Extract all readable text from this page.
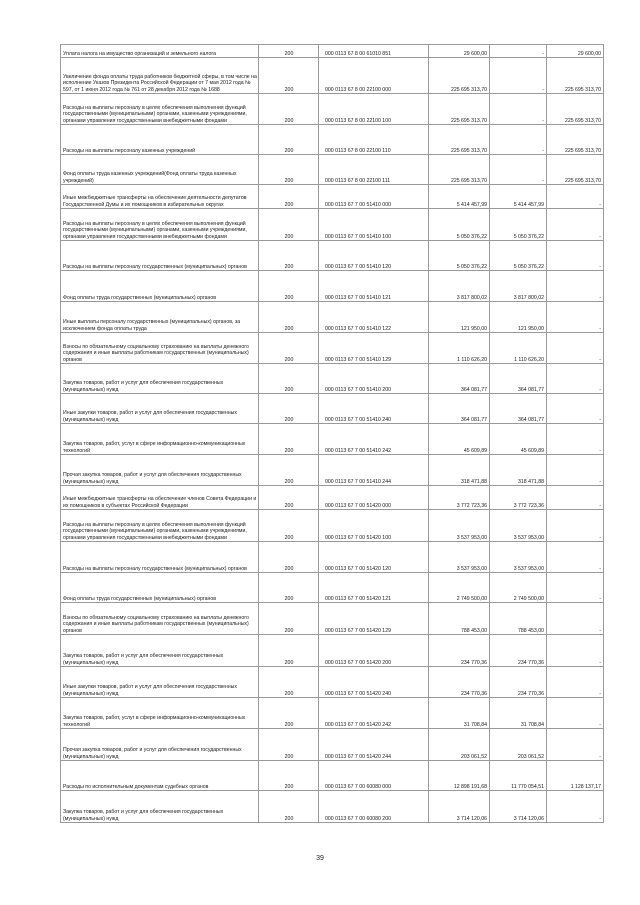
Уплата налога на имущество организаций и земельного налога	200	000 0113 67 8 00 61010 851	29 600,00	-	29 600,00
Увеличение фонда оплаты труда работников бюджетной сферы, в том числе на исполнение Указов Президента Российской Федерации от 7 мая 2012 года № 597, от 1 июня 2012 года № 761 от 28 декабря 2012 года № 1688	200	000 0113 67 8 00 22100 000	225 695 313,70	-	225 695 313,70
Расходы на выплаты персоналу в целях обеспечения выполнения функций государственными (муниципальными) органами, казенными учреждениями, органами управления государственными внебюджетными фондами	200	000 0113 67 8 00 22100 100	225 695 313,70	-	225 695 313,70
Расходы на выплаты персоналу казенных учреждений	200	000 0113 67 8 00 22100 110	225 695 313,70	-	225 695 313,70
Фонд оплаты труда казенных учреждений(Фонд оплаты труда казенных учреждений)	200	000 0113 67 8 00 22100 111	225 695 313,70	-	225 695 313,70
Иные межбюджетные трансферты на обеспечение деятельности депутатов Государственной Думы и их помощников в избирательных округах	200	000 0113 67 7 00 51410 000	5 414 457,99	5 414 457,99	-
Расходы на выплаты персоналу в целях обеспечения выполнения функций государственными (муниципальными) органами, казенными учреждениями, органами управления государственными внебюджетными фондами	200	000 0113 67 7 00 51410 100	5 050 376,22	5 050 376,22	-
Расходы на выплаты персоналу государственных (муниципальных) органов	200	000 0113 67 7 00 51410 120	5 050 376,22	5 050 376,22	-
Фонд оплаты труда государственных (муниципальных) органов	200	000 0113 67 7 00 51410 121	3 817 800,02	3 817 800,02	-
Иные выплаты персоналу государственных (муниципальных) органов, за исключением фонда оплаты труда	200	000 0113 67 7 00 51410 122	121 950,00	121 950,00	-
Взносы по обязательному социальному страхованию на выплаты денежного содержания и иные выплаты работникам государственных (муниципальных) органов	200	000 0113 67 7 00 51410 129	1 110 626,20	1 110 626,20	-
Закупка товаров, работ и услуг для обеспечения государственных (муниципальных) нужд	200	000 0113 67 7 00 51410 200	364 081,77	364 081,77	-
Иные закупки товаров, работ и услуг для обеспечения государственных (муниципальных) нужд	200	000 0113 67 7 00 51410 240	364 081,77	364 081,77	-
Закупка товаров, работ, услуг в сфере информационно-коммуникационных технологий	200	000 0113 67 7 00 51410 242	45 609,89	45 609,89	-
Прочая закупка товаров, работ и услуг для обеспечения государственных (муниципальных) нужд	200	000 0113 67 7 00 51410 244	318 471,88	318 471,88	-
Иные межбюджетные трансферты на обеспечение членов Совета Федерации и их помощников в субъектах Российской Федерации	200	000 0113 67 7 00 51420 000	3 772 723,36	3 772 723,36	-
Расходы на выплаты персоналу в целях обеспечения выполнения функций государственными (муниципальными) органами, казенными учреждениями, органами управления государственными внебюджетными фондами	200	000 0113 67 7 00 51420 100	3 537 953,00	3 537 953,00	-
Расходы на выплаты персоналу государственных (муниципальных) органов	200	000 0113 67 7 00 51420 120	3 537 953,00	3 537 953,00	-
Фонд оплаты труда государственных (муниципальных) органов	200	000 0113 67 7 00 51420 121	2 749 500,00	2 749 500,00	-
Взносы по обязательному социальному страхованию на выплаты денежного содержания и иные выплаты работникам государственных (муниципальных) органов	200	000 0113 67 7 00 51420 129	788 453,00	788 453,00	-
Закупка товаров, работ и услуг для обеспечения государственных (муниципальных) нужд	200	000 0113 67 7 00 51420 200	234 770,36	234 770,36	-
Иные закупки товаров, работ и услуг для обеспечения государственных (муниципальных) нужд	200	000 0113 67 7 00 51420 240	234 770,36	234 770,36	-
Закупка товаров, работ, услуг в сфере информационно-коммуникационных технологий	200	000 0113 67 7 00 51420 242	31 708,84	31 708,84	-
Прочая закупка товаров, работ и услуг для обеспечения государственных (муниципальных) нужд	200	000 0113 67 7 00 51420 244	203 061,52	203 061,52	-
Расходы по исполнительным документам судебных органов	200	000 0113 67 7 00 60080 000	12 898 191,68	11 770 054,51	1 128 137,17
Закупка товаров, работ и услуг для обеспечения государственных (муниципальных) нужд	200	000 0113 67 7 00 60080 200	3 714 120,06	3 714 120,06	-
39
